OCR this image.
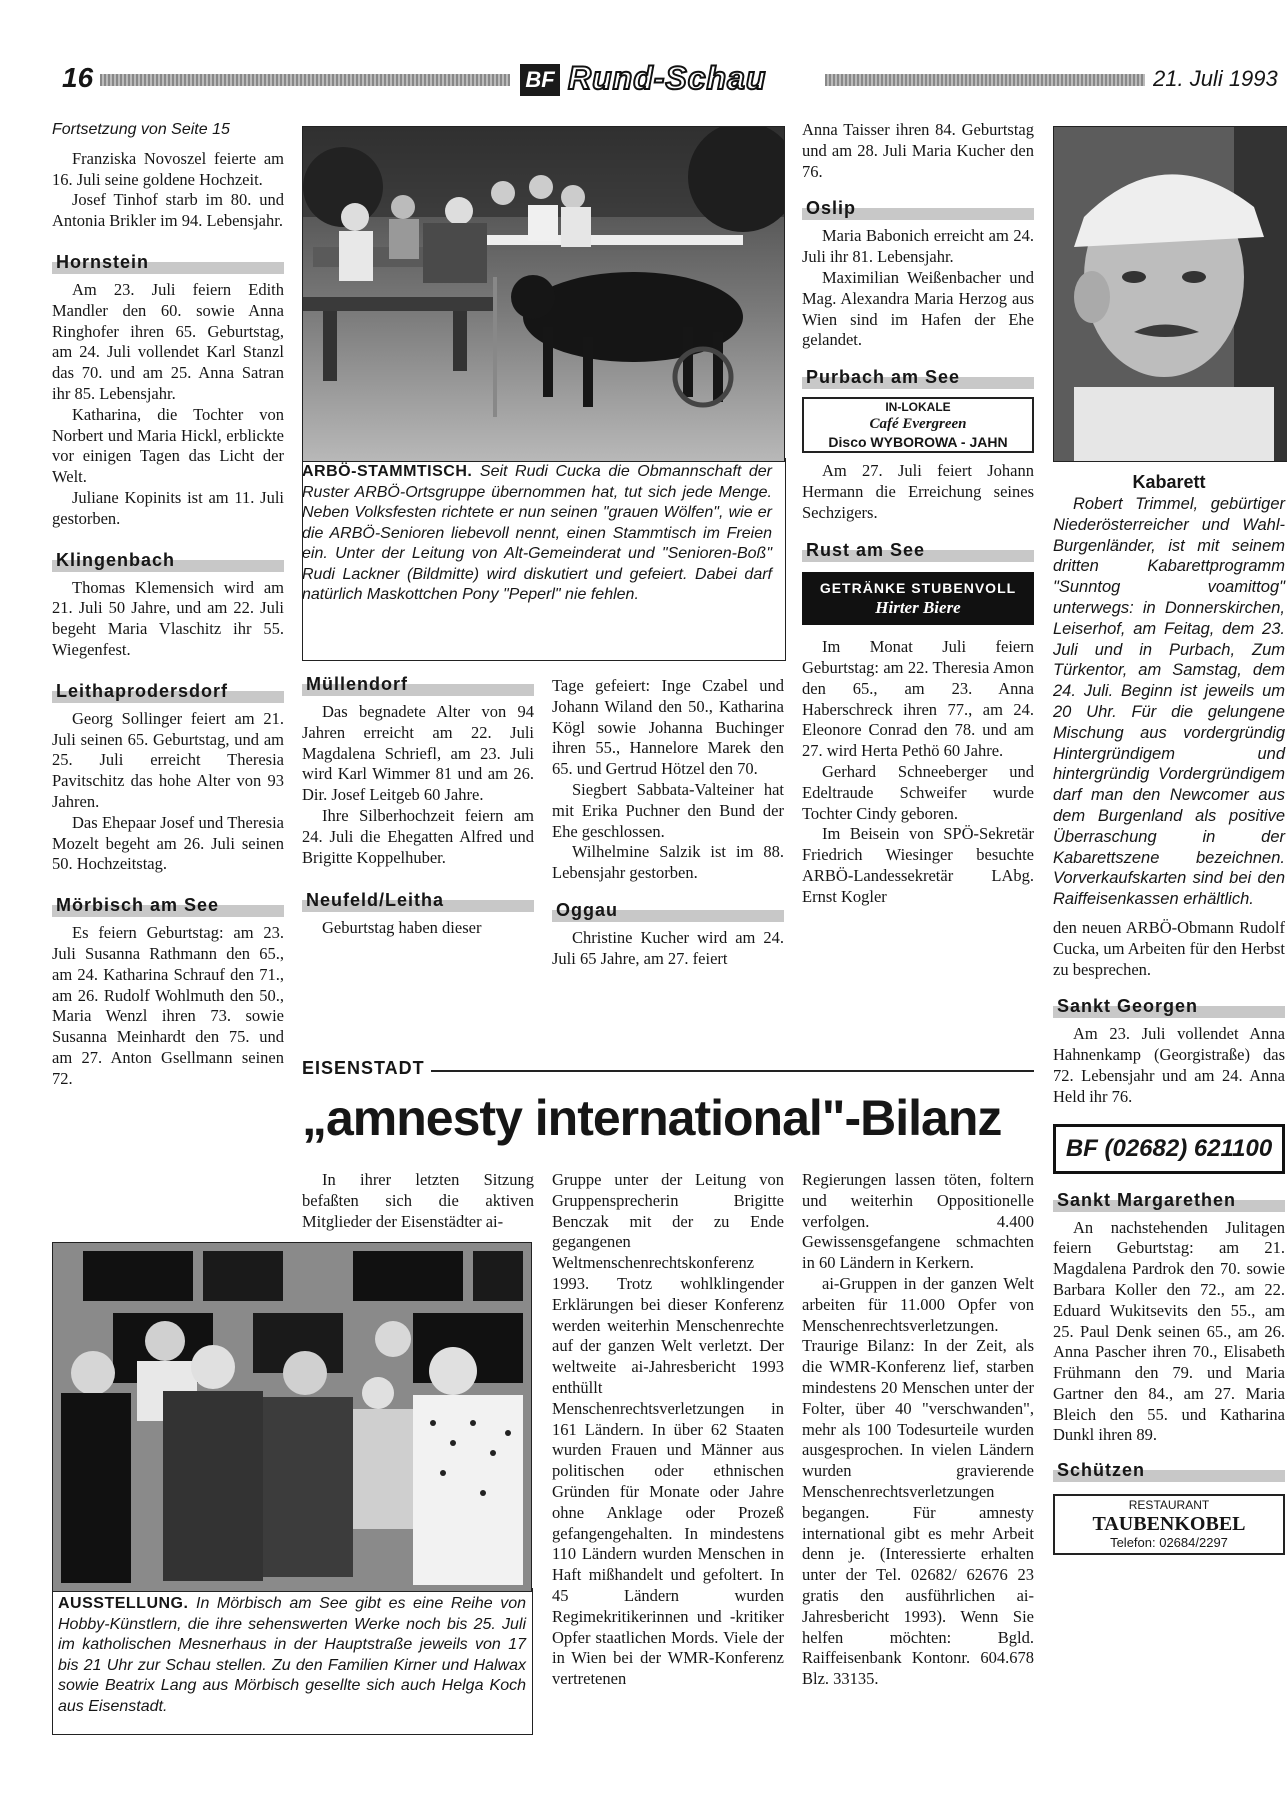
16	BF Rund-Schau	21. Juli 1993

Fortsetzung von Seite 15

Franziska Novoszel feierte am 16. Juli seine goldene Hochzeit.

Josef Tinhof starb im 80. und Antonia Brikler im 94. Lebensjahr.

Hornstein

Am 23. Juli feiern Edith Mandler den 60. sowie Anna Ringhofer ihren 65. Geburtstag, am 24. Juli vollendet Karl Stanzl das 70. und am 25. Anna Satran ihr 85. Lebensjahr.

Katharina, die Tochter von Norbert und Maria Hickl, erblickte vor einigen Tagen das Licht der Welt.

Juliane Kopinits ist am 11. Juli gestorben.

Klingenbach

Thomas Klemensich wird am 21. Juli 50 Jahre, und am 22. Juli begeht Maria Vlaschitz ihr 55. Wiegenfest.

Leithaprodersdorf

Georg Sollinger feiert am 21. Juli seinen 65. Geburtstag, und am 25. Juli erreicht Theresia Pavitschitz das hohe Alter von 93 Jahren.

Das Ehepaar Josef und Theresia Mozelt begeht am 26. Juli seinen 50. Hochzeitstag.

Mörbisch am See

Es feiern Geburtstag: am 23. Juli Susanna Rathmann den 65., am 24. Katharina Schrauf den 71., am 26. Rudolf Wohlmuth den 50., Maria Wenzl ihren 73. sowie Susanna Meinhardt den 75. und am 27. Anton Gsellmann seinen 72.

ARBÖ-STAMMTISCH. Seit Rudi Cucka die Obmannschaft der Ruster ARBÖ-Ortsgruppe übernommen hat, tut sich jede Menge. Neben Volksfesten richtete er nun seinen "grauen Wölfen", wie er die ARBÖ-Senioren liebevoll nennt, einen Stammtisch im Freien ein. Unter der Leitung von Alt-Gemeinderat und "Senioren-Boß" Rudi Lackner (Bildmitte) wird diskutiert und gefeiert. Dabei darf natürlich Maskottchen Pony "Peperl" nie fehlen.
Müllendorf

Das begnadete Alter von 94 Jahren erreicht am 22. Juli Magdalena Schriefl, am 23. Juli wird Karl Wimmer 81 und am 26. Dir. Josef Leitgeb 60 Jahre.

Ihre Silberhochzeit feiern am 24. Juli die Ehegatten Alfred und Brigitte Koppelhuber.

Neufeld/Leitha

Geburtstag haben dieser

Tage gefeiert: Inge Czabel und Johann Wiland den 50., Katharina Kögl sowie Johanna Buchinger ihren 55., Hannelore Marek den 65. und Gertrud Hötzel den 70.

Siegbert Sabbata-Valteiner hat mit Erika Puchner den Bund der Ehe geschlossen.

Wilhelmine Salzik ist im 88. Lebensjahr gestorben.

Oggau

Christine Kucher wird am 24. Juli 65 Jahre, am 27. feiert

Anna Taisser ihren 84. Geburtstag und am 28. Juli Maria Kucher den 76.

Oslip

Maria Babonich erreicht am 24. Juli ihr 81. Lebensjahr.

Maximilian Weißenbacher und Mag. Alexandra Maria Herzog aus Wien sind im Hafen der Ehe gelandet.

Purbach am See
IN-LOKALE
Café Evergreen
Disco WYBOROWA - JAHN

Am 27. Juli feiert Johann Hermann die Erreichung seines Sechzigers.

Rust am See
GETRÄNKE STUBENVOLL
Hirter Biere

Im Monat Juli feiern Geburtstag: am 22. Theresia Amon den 65., am 23. Anna Haberschreck ihren 77., am 24. Eleonore Conrad den 78. und am 27. wird Herta Pethö 60 Jahre.

Gerhard Schneeberger und Edeltraude Schweifer wurde Tochter Cindy geboren.

Im Beisein von SPÖ-Sekretär Friedrich Wiesinger besuchte ARBÖ-Landessekretär LAbg. Ernst Kogler

Kabarett

Robert Trimmel, gebürtiger Niederösterreicher und Wahl-Burgenländer, ist mit seinem dritten Kabarettprogramm "Sunntog voamittog" unterwegs: in Donnerskirchen, Leiserhof, am Feitag, dem 23. Juli und in Purbach, Zum Türkentor, am Samstag, dem 24. Juli. Beginn ist jeweils um 20 Uhr. Für die gelungene Mischung aus vordergründig Hintergründigem und hintergründig Vordergründigem darf man den Newcomer aus dem Burgenland als positive Überraschung in der Kabarettszene bezeichnen. Vorverkaufskarten sind bei den Raiffeisenkassen erhältlich.

den neuen ARBÖ-Obmann Rudolf Cucka, um Arbeiten für den Herbst zu besprechen.

Sankt Georgen

Am 23. Juli vollendet Anna Hahnenkamp (Georgistraße) das 72. Lebensjahr und am 24. Anna Held ihr 76.

BF (02682) 621100
Sankt Margarethen

An nachstehenden Julitagen feiern Geburtstag: am 21. Magdalena Pardrok den 70. sowie Barbara Koller den 72., am 22. Eduard Wukitsevits den 55., am 25. Paul Denk seinen 65., am 26. Anna Pascher ihren 70., Elisabeth Frühmann den 79. und Maria Gartner den 84., am 27. Maria Bleich den 55. und Katharina Dunkl ihren 89.

Schützen
RESTAURANT
TAUBENKOBEL
Telefon: 02684/2297
EISENSTADT
„amnesty international"-Bilanz

In ihrer letzten Sitzung befaßten sich die aktiven Mitglieder der Eisenstädter ai-

Gruppe unter der Leitung von Gruppensprecherin Brigitte Benczak mit der zu Ende gegangenen Weltmenschenrechtskonferenz 1993. Trotz wohlklingender Erklärungen bei dieser Konferenz werden weiterhin Menschenrechte auf der ganzen Welt verletzt. Der weltweite ai-Jahresbericht 1993 enthüllt Menschenrechtsverletzungen in 161 Ländern. In über 62 Staaten wurden Frauen und Männer aus politischen oder ethnischen Gründen für Monate oder Jahre ohne Anklage oder Prozeß gefangengehalten. In mindestens 110 Ländern wurden Menschen in Haft mißhandelt und gefoltert. In 45 Ländern wurden Regimekritikerinnen und -kritiker Opfer staatlichen Mords. Viele der in Wien bei der WMR-Konferenz vertretenen

Regierungen lassen töten, foltern und weiterhin Oppositionelle verfolgen. 4.400 Gewissensgefangene schmachten in 60 Ländern in Kerkern.

ai-Gruppen in der ganzen Welt arbeiten für 11.000 Opfer von Menschenrechtsverletzungen. Traurige Bilanz: In der Zeit, als die WMR-Konferenz lief, starben mindestens 20 Menschen unter der Folter, über 40 "verschwanden", mehr als 100 Todesurteile wurden ausgesprochen. In vielen Ländern wurden gravierende Menschenrechtsverletzungen begangen. Für amnesty international gibt es mehr Arbeit denn je. (Interessierte erhalten unter der Tel. 02682/ 62676 23 gratis den ausführlichen ai-Jahresbericht 1993). Wenn Sie helfen möchten: Bgld. Raiffeisenbank Kontonr. 604.678 Blz. 33135.

AUSSTELLUNG. In Mörbisch am See gibt es eine Reihe von Hobby-Künstlern, die ihre sehenswerten Werke noch bis 25. Juli im katholischen Mesnerhaus in der Hauptstraße jeweils von 17 bis 21 Uhr zur Schau stellen. Zu den Familien Kirner und Halwax sowie Beatrix Lang aus Mörbisch gesellte sich auch Helga Koch aus Eisenstadt.
